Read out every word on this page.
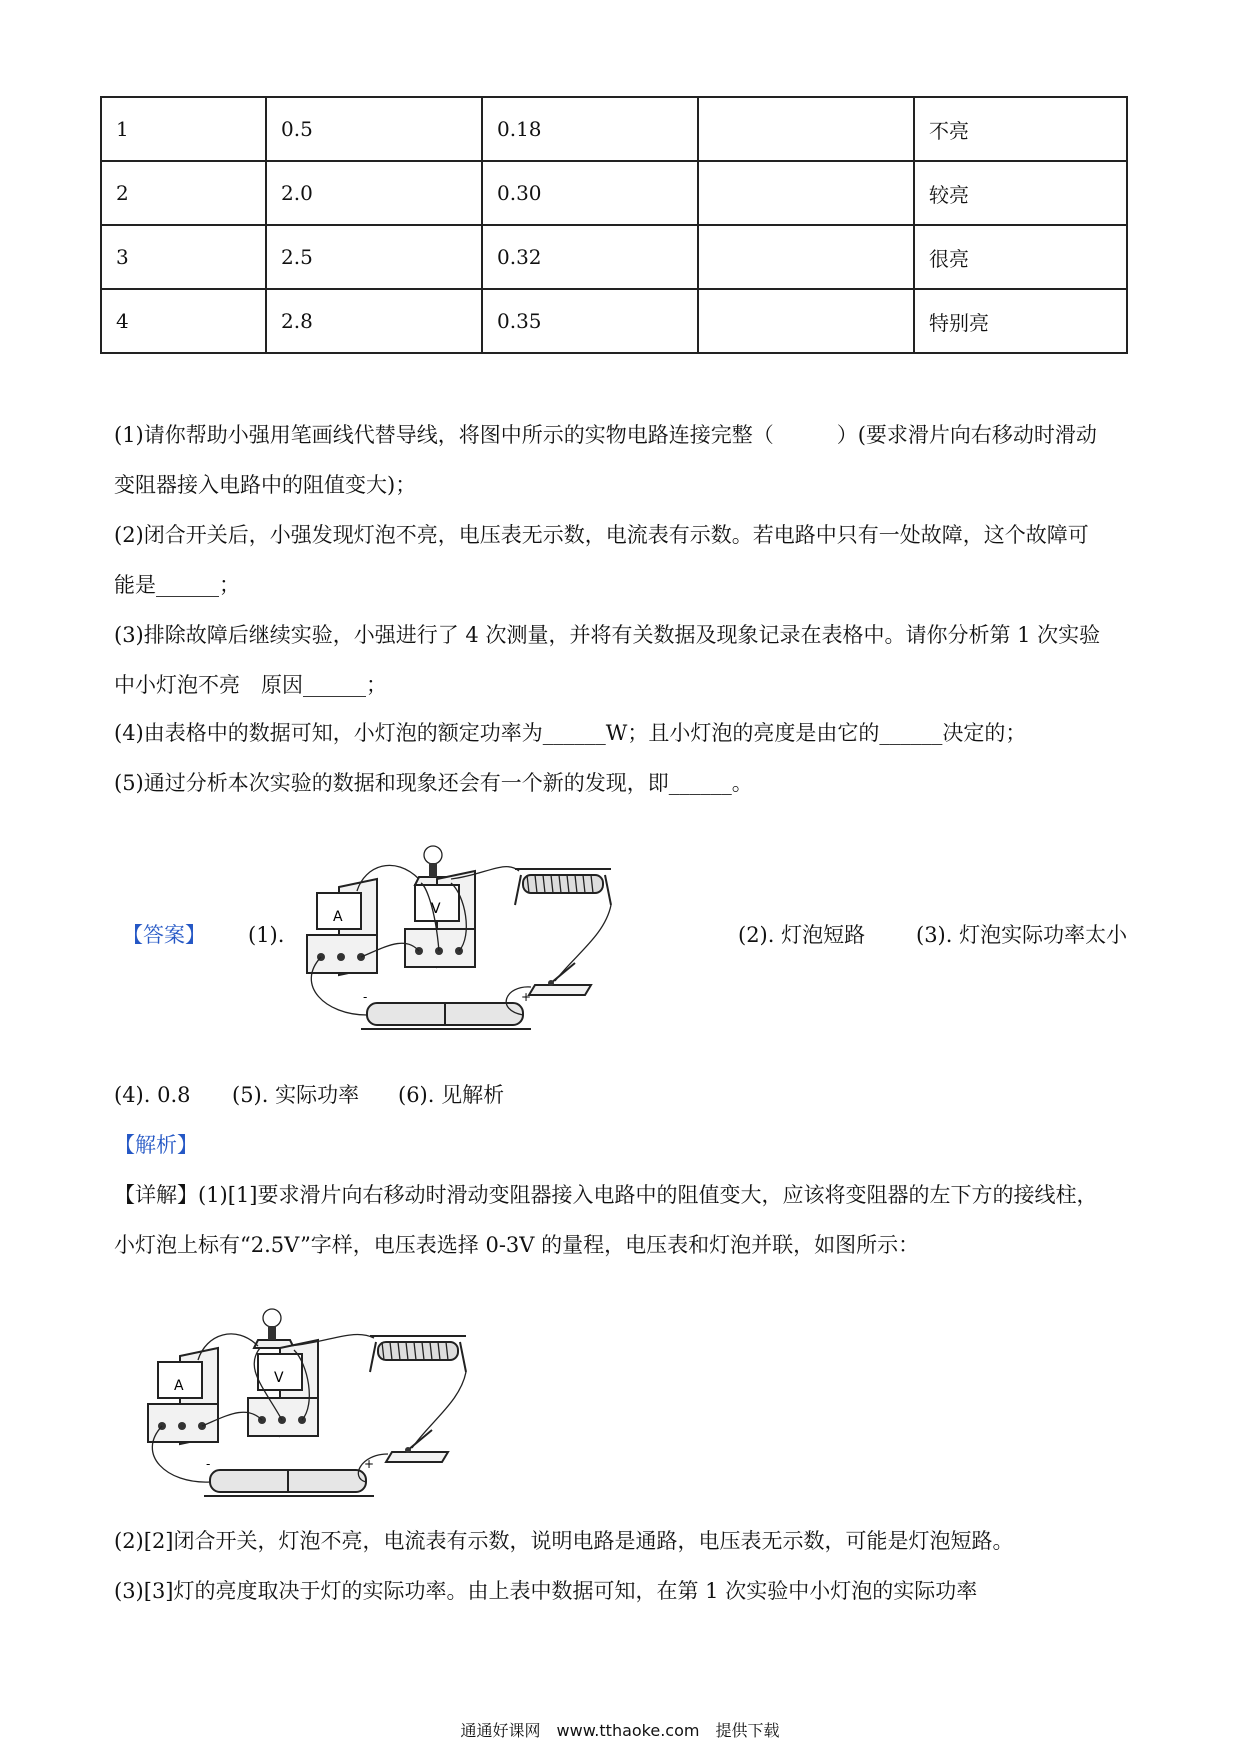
1	0.5	0.18		不亮
2	2.0	0.30		较亮
3	2.5	0.32		很亮
4	2.8	0.35		特别亮
(1)请你帮助小强用笔画线代替导线，将图中所示的实物电路连接完整（　　　）(要求滑片向右移动时滑动
变阻器接入电路中的阻值变大)；
(2)闭合开关后，小强发现灯泡不亮，电压表无示数，电流表有示数。若电路中只有一处故障，这个故障可
能是______；
(3)排除故障后继续实验，小强进行了 4 次测量，并将有关数据及现象记录在表格中。请你分析第 1 次实验
中小灯泡不亮　原因______；
(4)由表格中的数据可知，小灯泡的额定功率为______W；且小灯泡的亮度是由它的______决定的；
(5)通过分析本次实验的数据和现象还会有一个新的发现，即______。
【答案】 (1).
A	V
-	+
(2). 灯泡短路 (3). 灯泡实际功率太小
(4). 0.8 (5). 实际功率 (6). 见解析
【解析】
【详解】(1)[1]要求滑片向右移动时滑动变阻器接入电路中的阻值变大，应该将变阻器的左下方的接线柱，
小灯泡上标有“2.5V”字样，电压表选择 0-3V 的量程，电压表和灯泡并联，如图所示：
A	V
-	+
(2)[2]闭合开关，灯泡不亮，电流表有示数，说明电路是通路，电压表无示数，可能是灯泡短路。
(3)[3]灯的亮度取决于灯的实际功率。由上表中数据可知，在第 1 次实验中小灯泡的实际功率
通通好课网　www.tthaoke.com　提供下载
